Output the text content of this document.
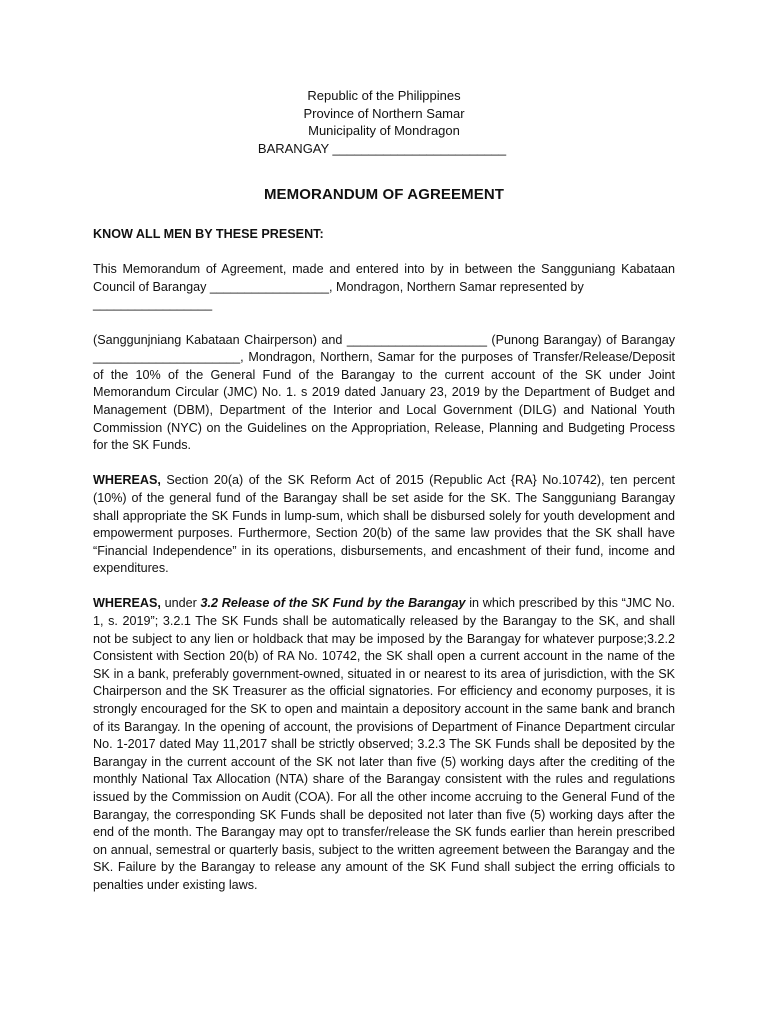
Republic of the Philippines
Province of Northern Samar
Municipality of Mondragon
BARANGAY ________________________
MEMORANDUM OF AGREEMENT

KNOW ALL MEN BY THESE PRESENT:

This Memorandum of Agreement, made and entered into by in between the Sangguniang Kabataan Council of Barangay _________________, Mondragon, Northern Samar represented by
_________________
(Sanggunjniang Kabataan Chairperson) and ____________________ (Punong Barangay) of Barangay _____________________, Mondragon, Northern, Samar for the purposes of Transfer/Release/Deposit of the 10% of the General Fund of the Barangay to the current account of the SK under Joint Memorandum Circular (JMC) No. 1. s 2019 dated January 23, 2019 by the Department of Budget and Management (DBM), Department of the Interior and Local Government (DILG) and National Youth Commission (NYC) on the Guidelines on the Appropriation, Release, Planning and Budgeting Process for the SK Funds.

WHEREAS, Section 20(a) of the SK Reform Act of 2015 (Republic Act {RA} No.10742), ten percent (10%) of the general fund of the Barangay shall be set aside for the SK. The Sangguniang Barangay shall appropriate the SK Funds in lump-sum, which shall be disbursed solely for youth development and empowerment purposes. Furthermore, Section 20(b) of the same law provides that the SK shall have “Financial Independence” in its operations, disbursements, and encashment of their fund, income and expenditures.

WHEREAS, under 3.2 Release of the SK Fund by the Barangay in which prescribed by this “JMC No. 1, s. 2019”; 3.2.1 The SK Funds shall be automatically released by the Barangay to the SK, and shall not be subject to any lien or holdback that may be imposed by the Barangay for whatever purpose;3.2.2 Consistent with Section 20(b) of RA No. 10742, the SK shall open a current account in the name of the SK in a bank, preferably government-owned, situated in or nearest to its area of jurisdiction, with the SK Chairperson and the SK Treasurer as the official signatories. For efficiency and economy purposes, it is strongly encouraged for the SK to open and maintain a depository account in the same bank and branch of its Barangay. In the opening of account, the provisions of Department of Finance Department circular No. 1-2017 dated May 11,2017 shall be strictly observed; 3.2.3 The SK Funds shall be deposited by the Barangay in the current account of the SK not later than five (5) working days after the crediting of the monthly National Tax Allocation (NTA) share of the Barangay consistent with the rules and regulations issued by the Commission on Audit (COA). For all the other income accruing to the General Fund of the Barangay, the corresponding SK Funds shall be deposited not later than five (5) working days after the end of the month. The Barangay may opt to transfer/release the SK funds earlier than herein prescribed on annual, semestral or quarterly basis, subject to the written agreement between the Barangay and the SK. Failure by the Barangay to release any amount of the SK Fund shall subject the erring officials to penalties under existing laws.
